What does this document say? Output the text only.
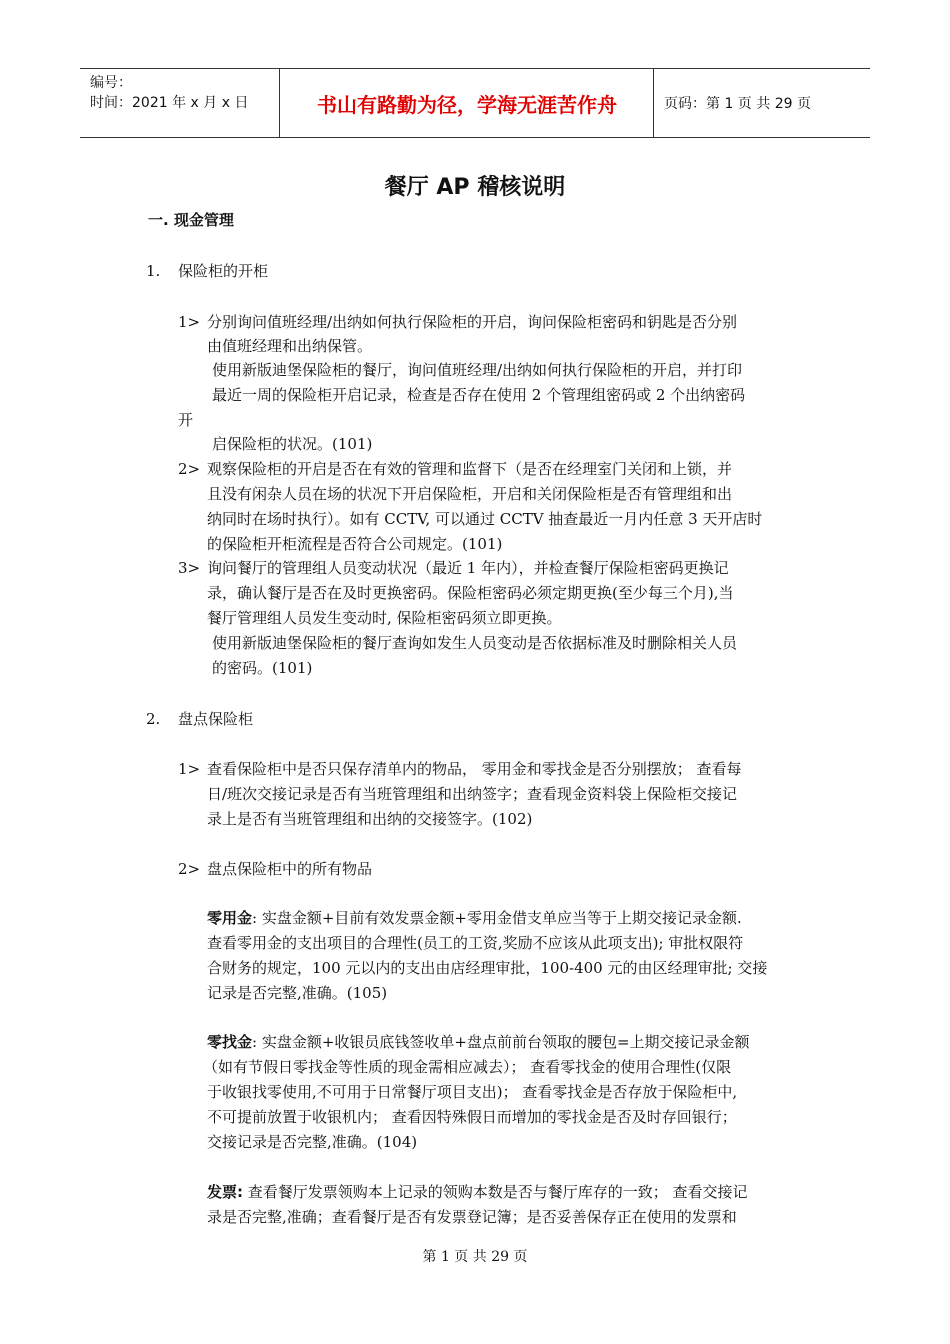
编号：
时间：2021 年 x 月 x 日	书山有路勤为径，学海无涯苦作舟	页码：第 1 页 共 29 页
餐厅 AP 稽核说明
一. 现金管理
1. 保险柜的开柜
1> 分别询问值班经理/出纳如何执行保险柜的开启，询问保险柜密码和钥匙是否分别
由值班经理和出纳保管。
使用新版迪堡保险柜的餐厅，询问值班经理/出纳如何执行保险柜的开启，并打印
最近一周的保险柜开启记录，检查是否存在使用 2 个管理组密码或 2 个出纳密码
开
启保险柜的状况。(101)
2> 观察保险柜的开启是否在有效的管理和监督下（是否在经理室门关闭和上锁，并
且没有闲杂人员在场的状况下开启保险柜，开启和关闭保险柜是否有管理组和出
纳同时在场时执行）。如有 CCTV, 可以通过 CCTV 抽查最近一月内任意 3 天开店时
的保险柜开柜流程是否符合公司规定。(101)
3> 询问餐厅的管理组人员变动状况（最近 1 年内），并检查餐厅保险柜密码更换记
录，确认餐厅是否在及时更换密码。保险柜密码必须定期更换(至少每三个月),当
餐厅管理组人员发生变动时, 保险柜密码须立即更换。
使用新版迪堡保险柜的餐厅查询如发生人员变动是否依据标准及时删除相关人员
的密码。(101)
2. 盘点保险柜
1> 查看保险柜中是否只保存清单内的物品， 零用金和零找金是否分别摆放； 查看每
日/班次交接记录是否有当班管理组和出纳签字；查看现金资料袋上保险柜交接记
录上是否有当班管理组和出纳的交接签字。(102)
2> 盘点保险柜中的所有物品
零用金: 实盘金额+目前有效发票金额+零用金借支单应当等于上期交接记录金额.
查看零用金的支出项目的合理性(员工的工资,奖励不应该从此项支出); 审批权限符
合财务的规定，100 元以内的支出由店经理审批，100-400 元的由区经理审批; 交接
记录是否完整,准确。(105)
零找金: 实盘金额+收银员底钱签收单+盘点前前台领取的腰包=上期交接记录金额
（如有节假日零找金等性质的现金需相应减去）； 查看零找金的使用合理性(仅限
于收银找零使用,不可用于日常餐厅项目支出)； 查看零找金是否存放于保险柜中,
不可提前放置于收银机内； 查看因特殊假日而增加的零找金是否及时存回银行；
交接记录是否完整,准确。(104)
发票: 查看餐厅发票领购本上记录的领购本数是否与餐厅库存的一致； 查看交接记
录是否完整,准确；查看餐厅是否有发票登记簿；是否妥善保存正在使用的发票和
第 1 页 共 29 页
